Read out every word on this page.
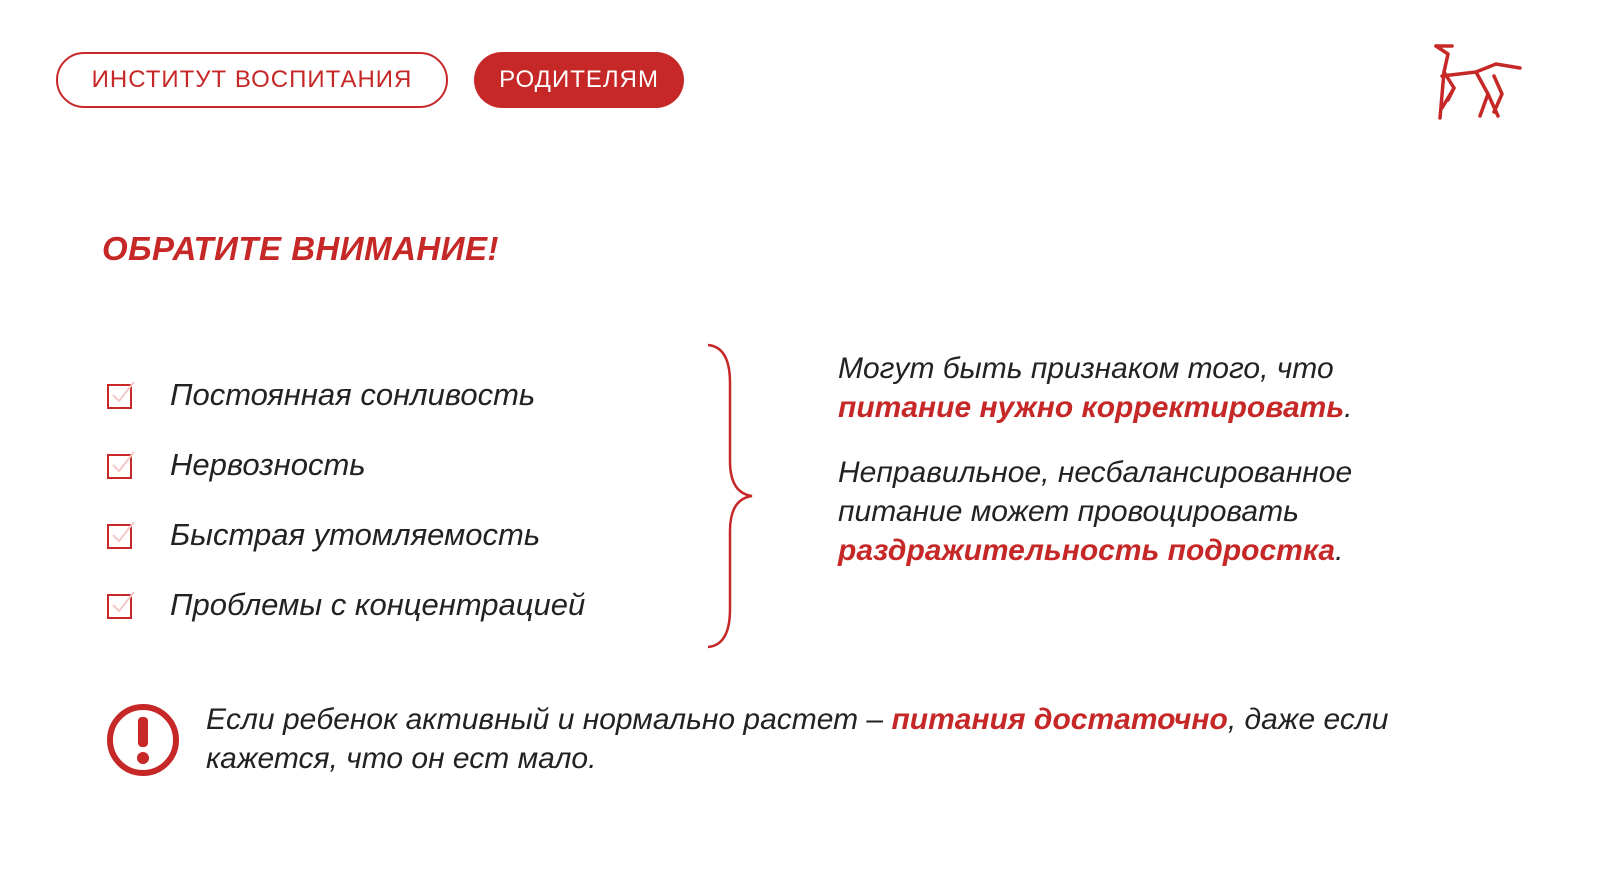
ИНСТИТУТ ВОСПИТАНИЯ	РОДИТЕЛЯМ
ОБРАТИТЕ ВНИМАНИЕ!
Постоянная сонливость
Нервозность
Быстрая утомляемость
Проблемы с концентрацией

Могут быть признаком того, что питание нужно корректировать.

Неправильное, несбалансированное питание может провоцировать раздражительность подростка.

Если ребенок активный и нормально растет – питания достаточно, даже если кажется, что он ест мало.
